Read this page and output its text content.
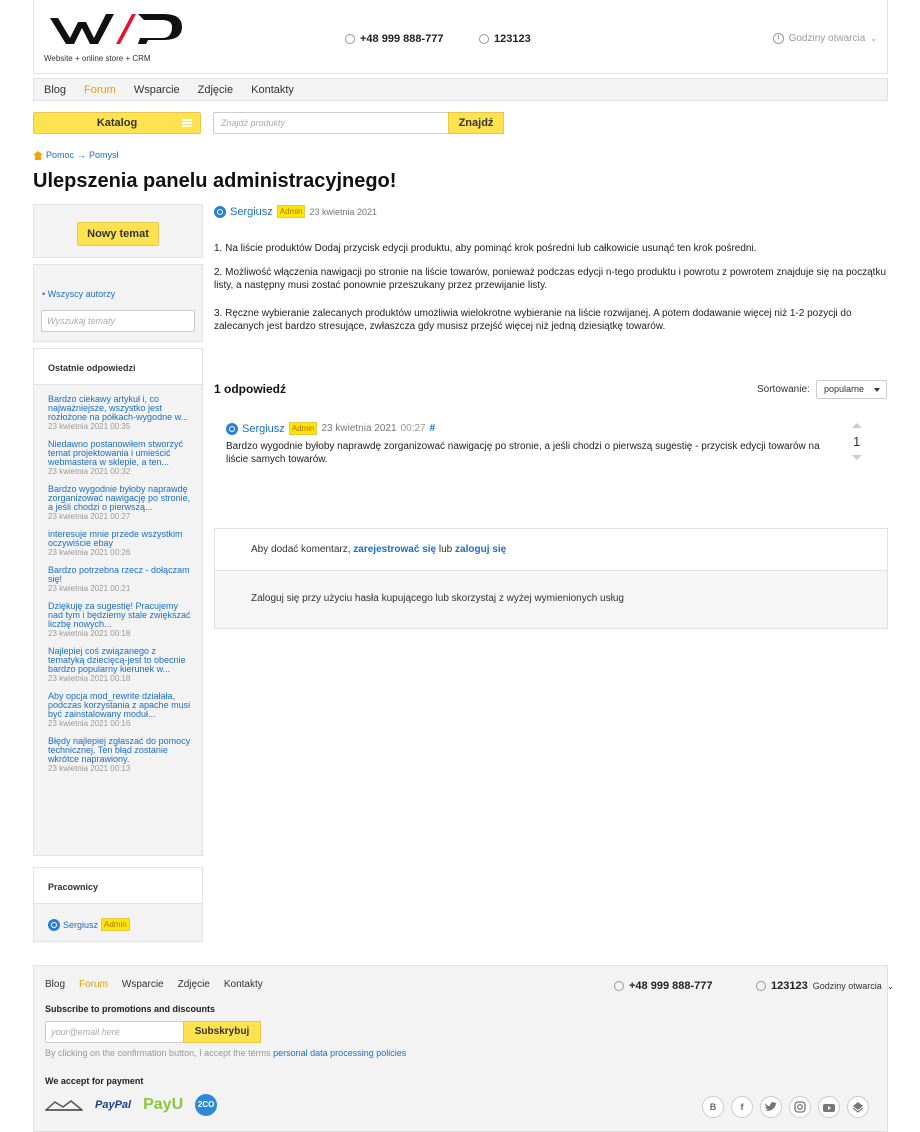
Website + online store + CRM
+48 999 888-777	123123	Godziny otwarcia ⌄
Blog Forum Wsparcie Zdjęcie Kontakty
Katalog	Znajdź produkty	Znajdź
Pomoc → Pomysł
Ulepszenia panelu administracyjnego!
Nowy temat
• Wszyscy autorzy
Wyszukaj tematy
Ostatnie odpowiedzi
Bardzo ciekawy artykuł i, co najważniejsze, wszystko jest rozłożone na półkach-wygodne w...
23 kwietnia 2021 00:35
Niedawno postanowiłem stworzyć temat projektowania i umieścić webmastera w sklepie, a ten...
23 kwietnia 2021 00:32
Bardzo wygodnie byłoby naprawdę zorganizować nawigację po stronie, a jeśli chodzi o pierwszą...
23 kwietnia 2021 00:27
interesuje mnie przede wszystkim oczywiście ebay
23 kwietnia 2021 00:26
Bardzo potrzebna rzecz - dołączam się!
23 kwietnia 2021 00:21
Dziękuję za sugestię! Pracujemy nad tym i będziemy stale zwiększać liczbę nowych...
23 kwietnia 2021 00:18
Najlepiej coś związanego z tematyką dziecięcą-jest to obecnie bardzo popularny kierunek w...
23 kwietnia 2021 00:18
Aby opcja mod_rewrite działała, podczas korzystania z apache musi być zainstalowany moduł...
23 kwietnia 2021 00:16
Błędy najlepiej zgłaszać do pomocy technicznej. Ten błąd zostanie wkrótce naprawiony.
23 kwietnia 2021 00:13
Pracownicy
Sergiusz Admin
Sergiusz Admin 23 kwietnia 2021

1. Na liście produktów Dodaj przycisk edycji produktu, aby pominąć krok pośredni lub całkowicie usunąć ten krok pośredni.

2. Możliwość włączenia nawigacji po stronie na liście towarów, ponieważ podczas edycji n-tego produktu i powrotu z powrotem znajduje się na początku listy, a następny musi zostać ponownie przeszukany przez przewijanie listy.

3. Ręczne wybieranie zalecanych produktów umożliwia wielokrotne wybieranie na liście rozwijanej. A potem dodawanie więcej niż 1-2 pozycji do zalecanych jest bardzo stresujące, zwłaszcza gdy musisz przejść więcej niż jedną dziesiątkę towarów.

1 odpowiedź	Sortowanie:	popularne
Sergiusz Admin 23 kwietnia 2021 00:27 #
Bardzo wygodnie byłoby naprawdę zorganizować nawigację po stronie, a jeśli chodzi o pierwszą sugestię - przycisk edycji towarów na liście samych towarów.
1
Aby dodać komentarz, zarejestrować się lub zaloguj się
Zaloguj się przy użyciu hasła kupującego lub skorzystaj z wyżej wymienionych usług
Blog Forum Wsparcie Zdjęcie Kontakty	+48 999 888-777	123123 Godziny otwarcia ⌄
Subscribe to promotions and discounts
your@email.here	Subskrybuj
By clicking on the confirmation button, I accept the terms personal data processing policies
We accept for payment
PayPal PayU	2CO	B	f
